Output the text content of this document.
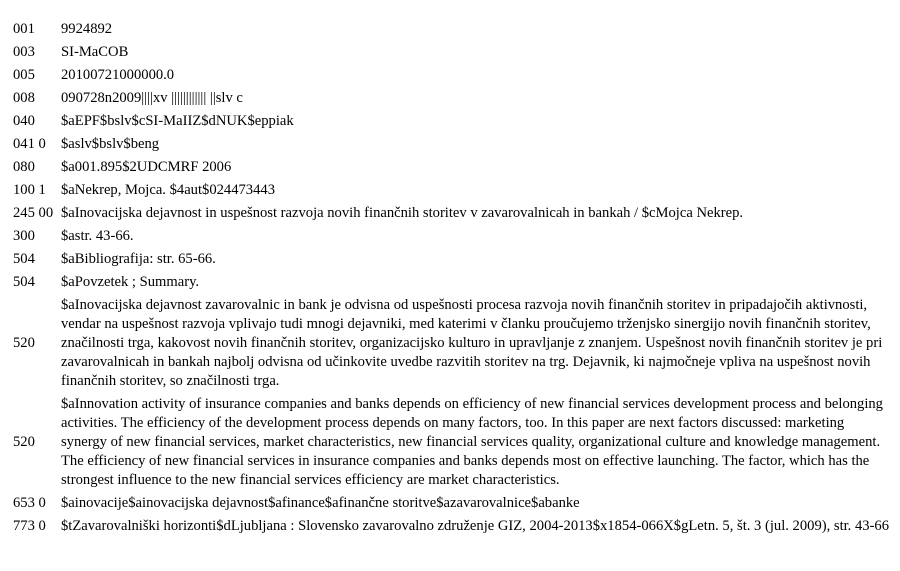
001	9924892
003	SI-MaCOB
005	20100721000000.0
008	090728n2009||||xv |||||||||||| ||slv c
040	$aEPF$bslv$cSI-MaIIZ$dNUK$eppiak
041 0	$aslv$bslv$beng
080	$a001.895$2UDCMRF 2006
100 1	$aNekrep, Mojca. $4aut$024473443
245 00	$aInovacijska dejavnost in uspešnost razvoja novih finančnih storitev v zavarovalnicah in bankah / $cMojca Nekrep.
300	$astr. 43-66.
504	$aBibliografija: str. 65-66.
504	$aPovzetek ; Summary.
520	$aInovacijska dejavnost zavarovalnic in bank je odvisna od uspešnosti procesa razvoja novih finančnih storitev in pripadajočih aktivnosti, vendar na uspešnost razvoja vplivajo tudi mnogi dejavniki, med katerimi v članku proučujemo trženjsko sinergijo novih finančnih storitev, značilnosti trga, kakovost novih finančnih storitev, organizacijsko kulturo in upravljanje z znanjem. Uspešnost novih finančnih storitev je pri zavarovalnicah in bankah najbolj odvisna od učinkovite uvedbe razvitih storitev na trg. Dejavnik, ki najmočneje vpliva na uspešnost novih finančnih storitev, so značilnosti trga.
520	$aInnovation activity of insurance companies and banks depends on efficiency of new financial services development process and belonging activities. The efficiency of the development process depends on many factors, too. In this paper are next factors discussed: marketing synergy of new financial services, market characteristics, new financial services quality, organizational culture and knowledge management. The efficiency of new financial services in insurance companies and banks depends most on effective launching. The factor, which has the strongest influence to the new financial services efficiency are market characteristics.
653 0	$ainovacije$ainovacijska dejavnost$afinance$afinančne storitve$azavarovalnice$abanke
773 0	$tZavarovalniški horizonti$dLjubljana : Slovensko zavarovalno združenje GIZ, 2004-2013$x1854-066X$gLetn. 5, št. 3 (jul. 2009), str. 43-66
